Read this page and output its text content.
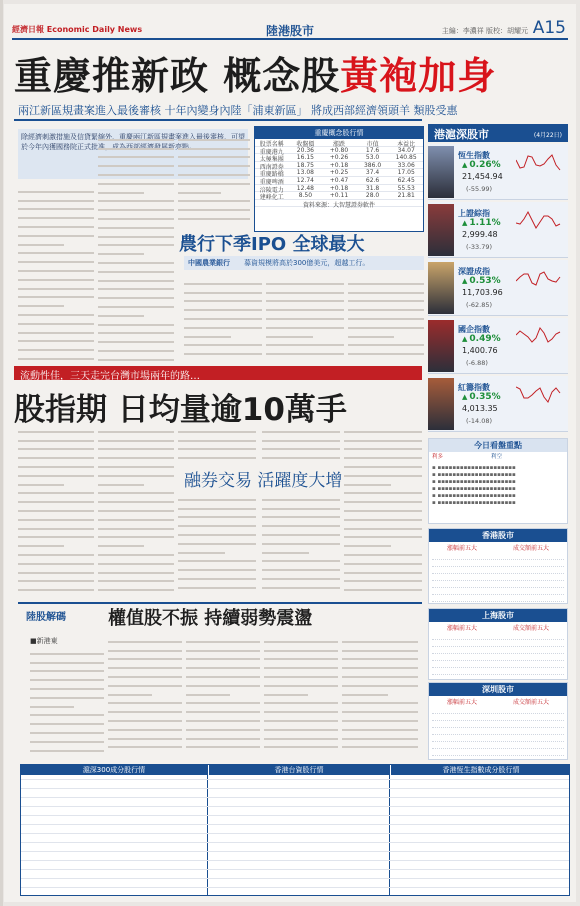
經濟日報 Economic Daily News	陸港股市	主編：李濃祥 版校：胡耀元 A15
重慶推新政 概念股黃袍加身
兩江新區規畫案進入最後審核 十年內變身內陸「浦東新區」 將成西部經濟領頭羊 類股受惠
除經濟刺激措施及信貸緊縮外，重慶兩江新區規畫案進入最後審核，可望於今年內獲國務院正式批准，成為西部經濟發展新亮點。
重慶概念股行情
股票名稱	收盤價	漲跌	市值	本益比
重慶港九	20.36	+0.80	17.6	34.07
太極集團	16.15	+0.26	53.0	140.85
西南證券	18.75	+0.18	386.0	33.06
重慶路橋	13.08	+0.25	37.4	17.05
重慶啤酒	12.74	+0.47	62.6	62.45
涪陵電力	12.48	+0.18	31.8	55.53
建峰化工	8.50	+0.11	28.0	21.81
資料來源：大智慧證券軟件
農行下季IPO 全球最大
中國農業銀行 募資規模將高於300億美元，超越工行。
流動性佳，三天走完台灣市場兩年的路…
股指期 日均量逾10萬手
融券交易 活躍度大增
陸股解碼 權值股不振 持續弱勢震盪
■新港東
港滬深股市	(4月22日)
恆生指數
▲ 0.26%
21,454.94
(-55.99)
上證綜指
▲ 1.11%
2,999.48
(-33.79)
深證成指
▲ 0.53%
11,703.96
(-62.85)
國企指數
▲ 0.49%
1,400.76
(-6.88)
紅籌指數
▲ 0.35%
4,013.35
(-14.08)
今日看盤重點
利多	利空
▪ ▪▪▪▪▪▪▪▪▪▪▪▪▪▪▪▪▪▪▪▪▪
▪ ▪▪▪▪▪▪▪▪▪▪▪▪▪▪▪▪▪▪▪▪▪
▪ ▪▪▪▪▪▪▪▪▪▪▪▪▪▪▪▪▪▪▪▪▪
▪ ▪▪▪▪▪▪▪▪▪▪▪▪▪▪▪▪▪▪▪▪▪
▪ ▪▪▪▪▪▪▪▪▪▪▪▪▪▪▪▪▪▪▪▪▪
▪ ▪▪▪▪▪▪▪▪▪▪▪▪▪▪▪▪▪▪▪▪▪
香港股市
漲幅前五大	成交額前五大
上海股市
漲幅前五大	成交額前五大
深圳股市
漲幅前五大	成交額前五大
滬深300成分股行情	香港台資股行情	香港恆生指數成分股行情
